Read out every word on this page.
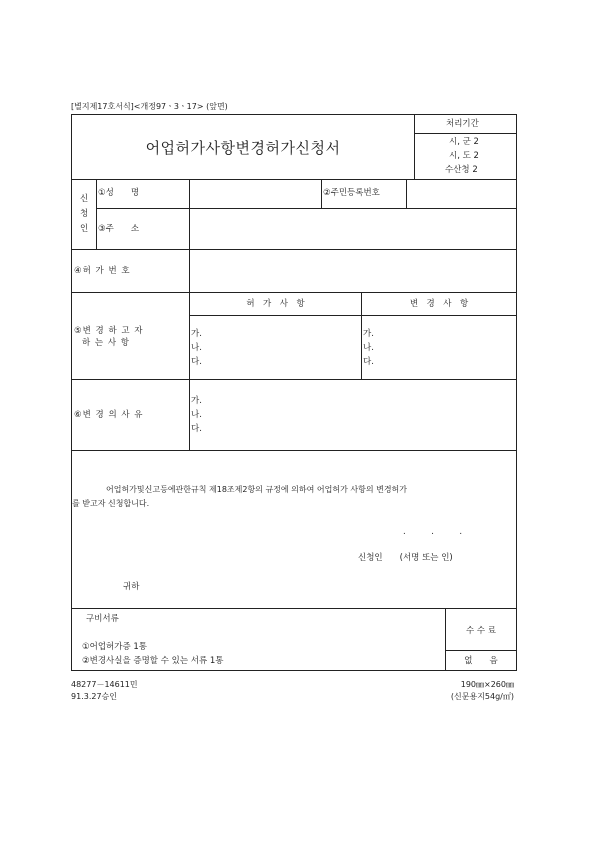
[별지제17호서식]<개정97ㆍ3ㆍ17> (앞면)
어업허가사항변경허가신청서
처리기간
시, 군 2
시, 도 2
수산청 2
신
청
인
①성　　명	②주민등록번호
③주　　소
④허 가 번 호
⑤변 경 하 고 자
하 는 사 항
허　가　사　항	변　경　사　항
가.
나.
다.
가.
나.
다.
⑥변 경 의 사 유
가.
나.
다.
어업허가및신고등에관한규칙 제18조제2항의 규정에 의하여 어업허가 사항의 변경허가
를 받고자 신청합니다.
.　　　.　　　.
신청인　　(서명 또는 인)
귀하
구비서류
①어업허가증 1통
②변경사실을 증명할 수 있는 서류 1통
수 수 료
없　　음
48277－14611민
91.3.27승인
190㎜×260㎜
(신문용지54g/㎡)
